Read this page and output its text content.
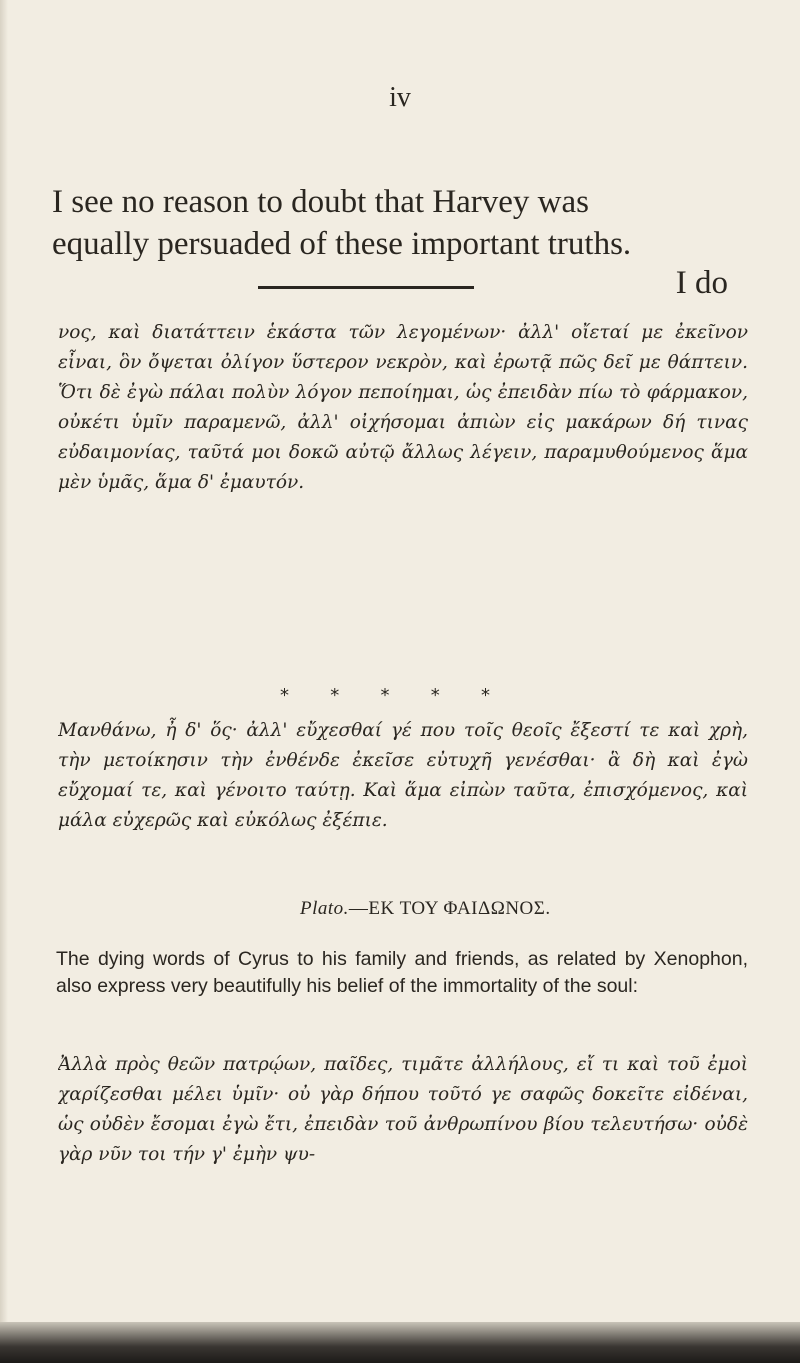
iv
I see no reason to doubt that Harvey was
equally persuaded of these important truths.
I do
νος, καὶ διατάττειν ἑκάστα τῶν λεγομένων· ἀλλ' οἴεταί με ἐκεῖνον εἶναι, ὃν ὄψεται ὀλίγον ὕστερον νεκρὸν, καὶ ἐρωτᾷ πῶς δεῖ με θάπτειν. Ὅτι δὲ ἐγὼ πάλαι πολὺν λόγον πεποίημαι, ὡς ἐπειδὰν πίω τὸ φάρμακον, οὐκέτι ὑμῖν παραμενῶ, ἀλλ' οἰχήσομαι ἀπιὼν εἰς μακάρων δή τινας εὐδαιμονίας, ταῦτά μοι δοκῶ αὐτῷ ἄλλως λέγειν, παραμυθούμενος ἅμα μὲν ὑμᾶς, ἅμα δ' ἐμαυτόν.
* * * * *
Μανθάνω, ἦ δ' ὅς· ἀλλ' εὔχεσθαί γέ που τοῖς θεοῖς ἔξεστί τε καὶ χρὴ, τὴν μετοίκησιν τὴν ἐνθένδε ἐκεῖσε εὐτυχῆ γενέσθαι· ἃ δὴ καὶ ἐγὼ εὔχομαί τε, καὶ γένοιτο ταύτῃ. Καὶ ἅμα εἰπὼν ταῦτα, ἐπισχόμενος, καὶ μάλα εὐχερῶς καὶ εὐκόλως ἐξέπιε.
Plato.—ΕΚ ΤΟΥ ΦΑΙΔΩΝΟΣ.
The dying words of Cyrus to his family and friends, as related by Xenophon, also express very beautifully his belief of the immortality of the soul:
Ἀλλὰ πρὸς θεῶν πατρῴων, παῖδες, τιμᾶτε ἀλλήλους, εἴ τι καὶ τοῦ ἐμοὶ χαρίζεσθαι μέλει ὑμῖν· οὐ γὰρ δήπου τοῦτό γε σαφῶς δοκεῖτε εἰδέναι, ὡς οὐδὲν ἔσομαι ἐγὼ ἔτι, ἐπειδὰν τοῦ ἀνθρωπίνου βίου τελευτήσω· οὐδὲ γὰρ νῦν τοι τήν γ' ἐμὴν ψυ-
